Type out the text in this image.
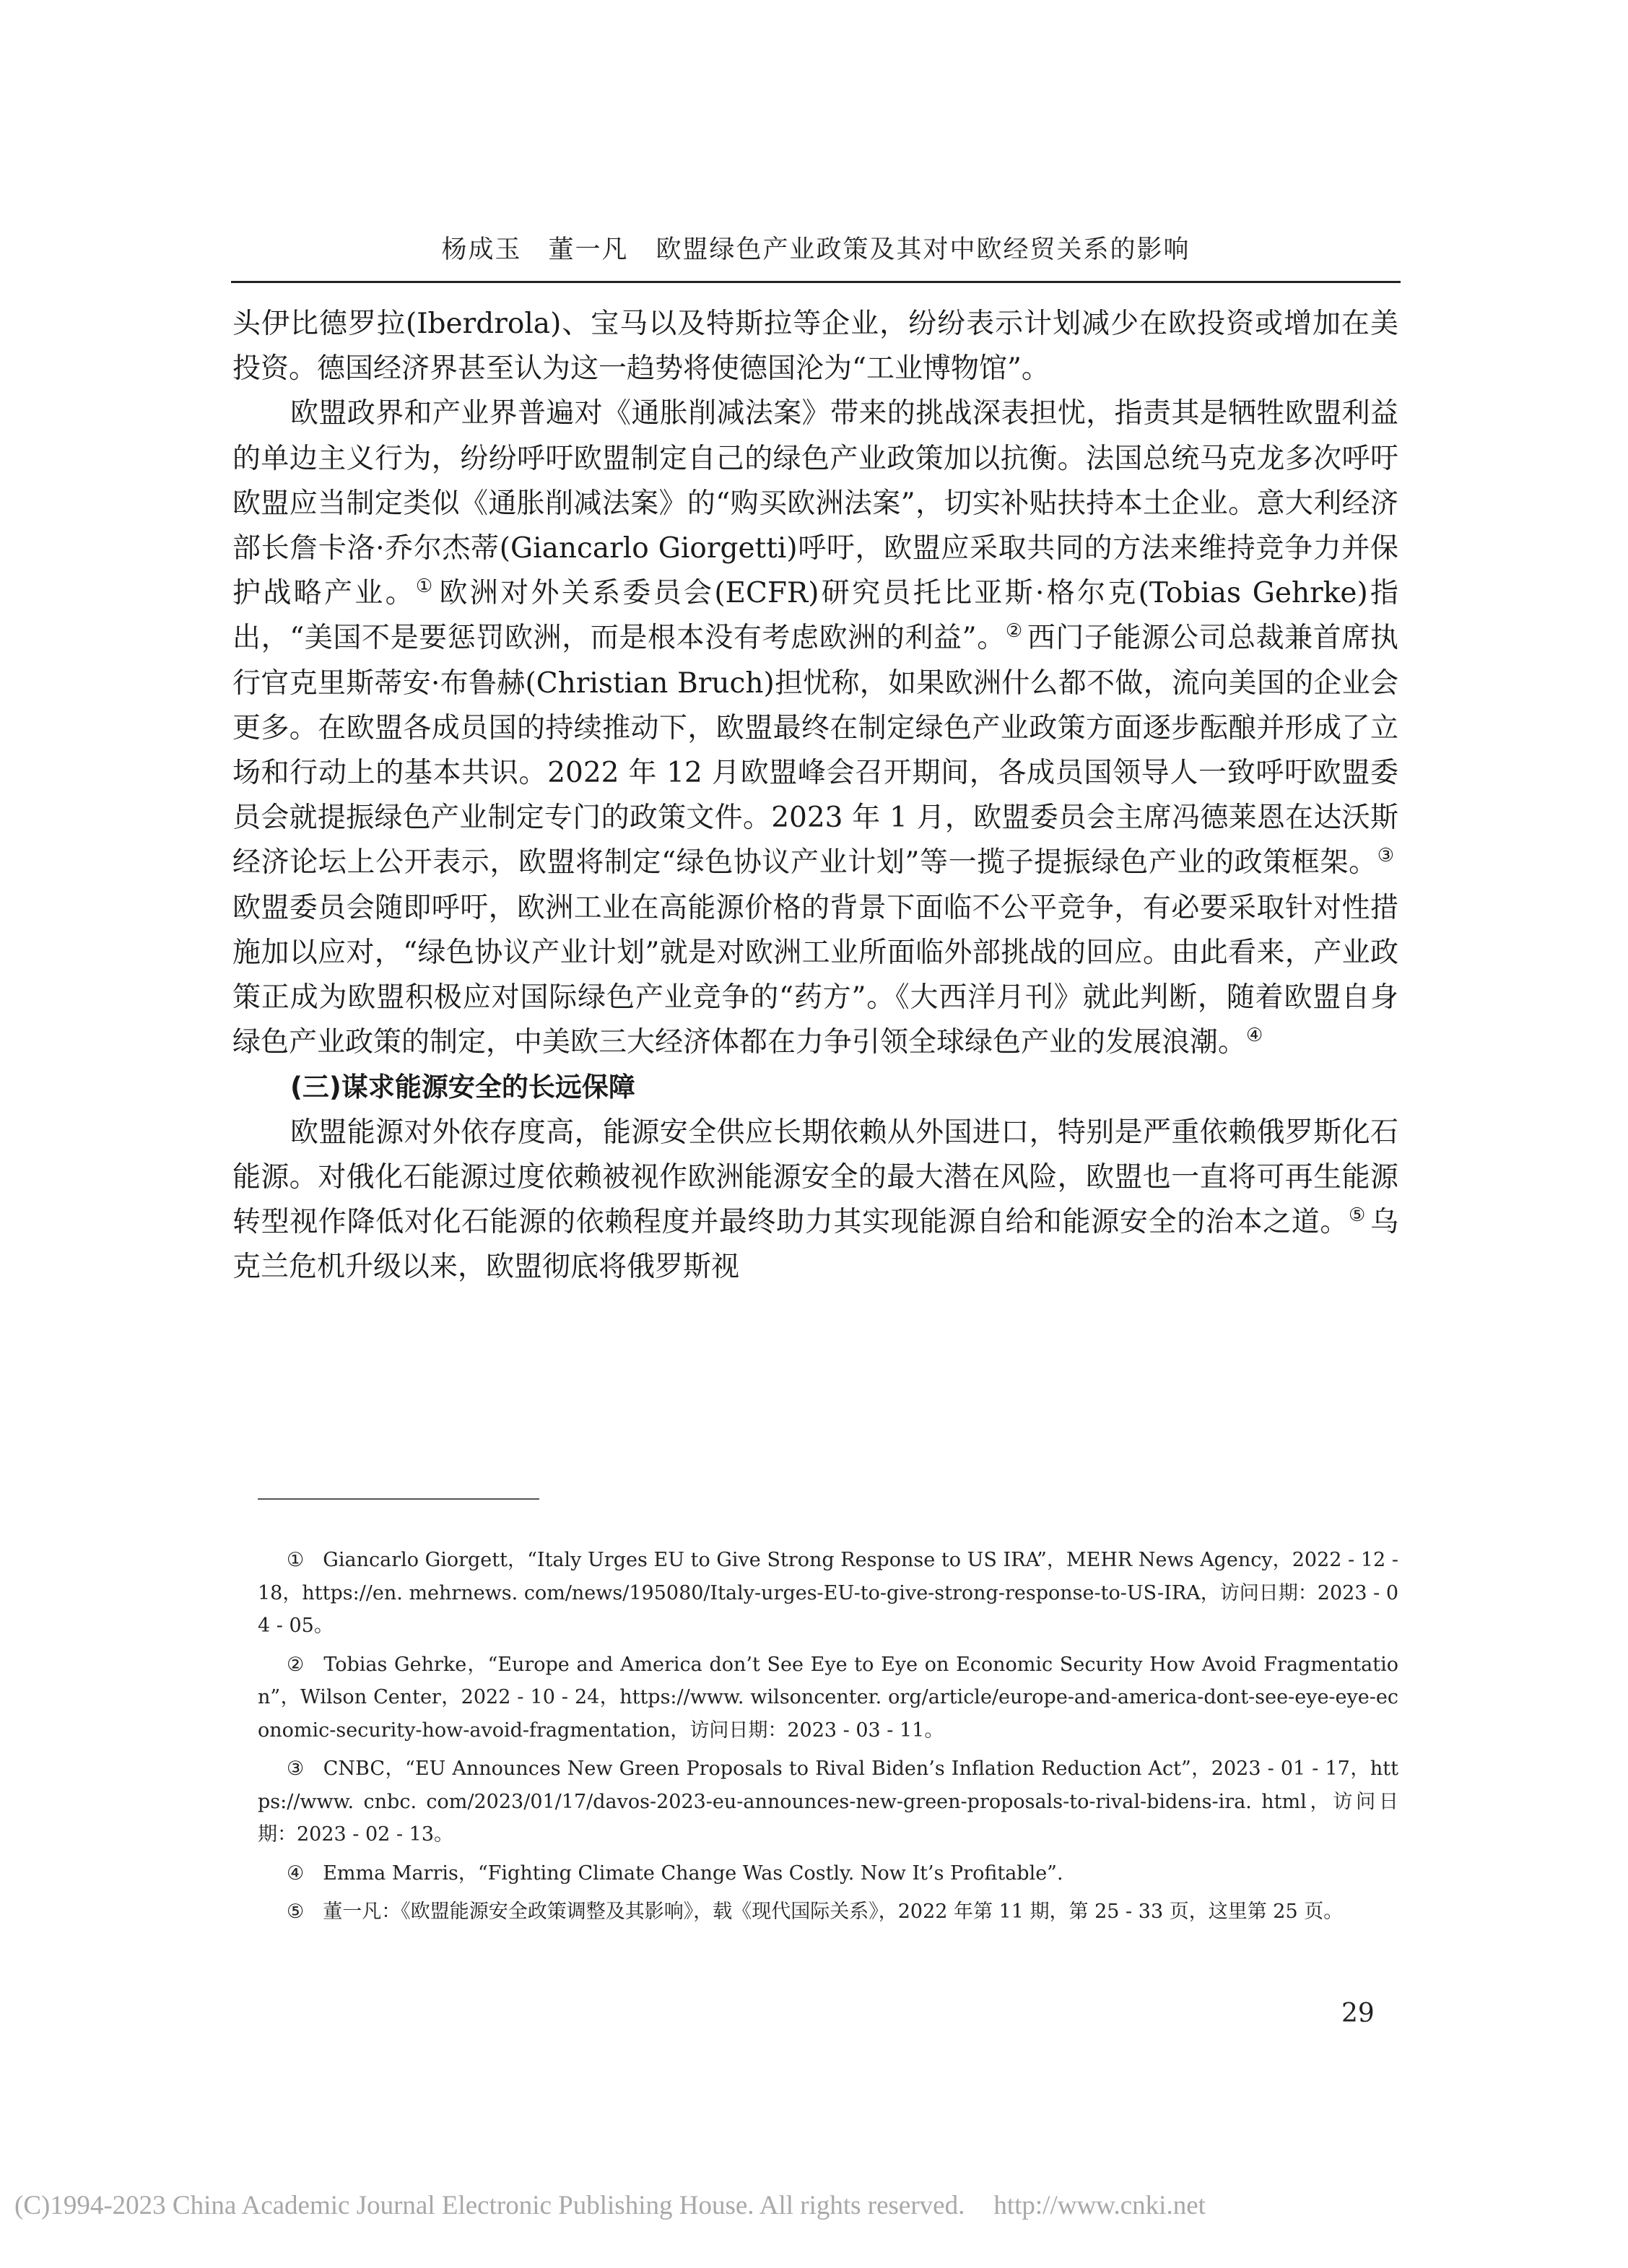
杨成玉　董一凡 欧盟绿色产业政策及其对中欧经贸关系的影响

头伊比德罗拉(Iberdrola)、宝马以及特斯拉等企业，纷纷表示计划减少在欧投资或增加在美投资。德国经济界甚至认为这一趋势将使德国沦为“工业博物馆”。

欧盟政界和产业界普遍对《通胀削减法案》带来的挑战深表担忧，指责其是牺牲欧盟利益的单边主义行为，纷纷呼吁欧盟制定自己的绿色产业政策加以抗衡。法国总统马克龙多次呼吁欧盟应当制定类似《通胀削减法案》的“购买欧洲法案”，切实补贴扶持本土企业。意大利经济部长詹卡洛·乔尔杰蒂(Giancarlo Giorgetti)呼吁，欧盟应采取共同的方法来维持竞争力并保护战略产业。① 欧洲对外关系委员会(ECFR)研究员托比亚斯·格尔克(Tobias Gehrke)指出，“美国不是要惩罚欧洲，而是根本没有考虑欧洲的利益”。② 西门子能源公司总裁兼首席执行官克里斯蒂安·布鲁赫(Christian Bruch)担忧称，如果欧洲什么都不做，流向美国的企业会更多。在欧盟各成员国的持续推动下，欧盟最终在制定绿色产业政策方面逐步酝酿并形成了立场和行动上的基本共识。2022 年 12 月欧盟峰会召开期间，各成员国领导人一致呼吁欧盟委员会就提振绿色产业制定专门的政策文件。2023 年 1 月，欧盟委员会主席冯德莱恩在达沃斯经济论坛上公开表示，欧盟将制定“绿色协议产业计划”等一揽子提振绿色产业的政策框架。③欧盟委员会随即呼吁，欧洲工业在高能源价格的背景下面临不公平竞争，有必要采取针对性措施加以应对，“绿色协议产业计划”就是对欧洲工业所面临外部挑战的回应。由此看来，产业政策正成为欧盟积极应对国际绿色产业竞争的“药方”。《大西洋月刊》就此判断，随着欧盟自身绿色产业政策的制定，中美欧三大经济体都在力争引领全球绿色产业的发展浪潮。④

(三)谋求能源安全的长远保障

欧盟能源对外依存度高，能源安全供应长期依赖从外国进口，特别是严重依赖俄罗斯化石能源。对俄化石能源过度依赖被视作欧洲能源安全的最大潜在风险，欧盟也一直将可再生能源转型视作降低对化石能源的依赖程度并最终助力其实现能源自给和能源安全的治本之道。⑤ 乌克兰危机升级以来，欧盟彻底将俄罗斯视

① Giancarlo Giorgett，“Italy Urges EU to Give Strong Response to US IRA”，MEHR News Agency，2022 - 12 - 18，https://en. mehrnews. com/news/195080/Italy-urges-EU-to-give-strong-response-to-US-IRA，访问日期：2023 - 04 - 05。

② Tobias Gehrke，“Europe and America don’t See Eye to Eye on Economic Security How Avoid Fragmentation”，Wilson Center，2022 - 10 - 24，https://www. wilsoncenter. org/article/europe-and-america-dont-see-eye-eye-economic-security-how-avoid-fragmentation，访问日期：2023 - 03 - 11。

③ CNBC，“EU Announces New Green Proposals to Rival Biden’s Inflation Reduction Act”，2023 - 01 - 17，https://www. cnbc. com/2023/01/17/davos-2023-eu-announces-new-green-proposals-to-rival-bidens-ira. html，访问日期：2023 - 02 - 13。

④ Emma Marris，“Fighting Climate Change Was Costly. Now It’s Profitable”.

⑤ 董一凡：《欧盟能源安全政策调整及其影响》，载《现代国际关系》，2022 年第 11 期，第 25 - 33 页，这里第 25 页。

29
(C)1994-2023 China Academic Journal Electronic Publishing House. All rights reserved. http://www.cnki.net
